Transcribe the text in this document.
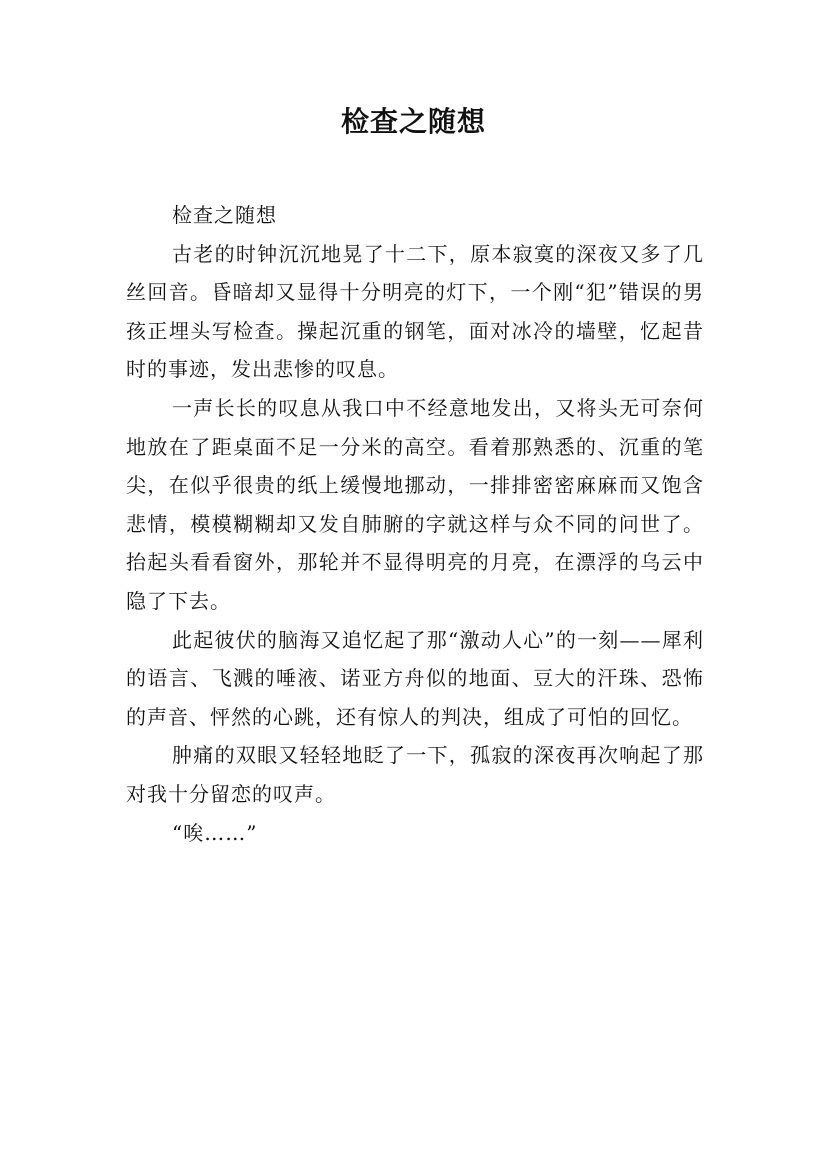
检查之随想

检查之随想

古老的时钟沉沉地晃了十二下，原本寂寞的深夜又多了几丝回音。昏暗却又显得十分明亮的灯下，一个刚“犯”错误的男孩正埋头写检查。操起沉重的钢笔，面对冰冷的墙壁，忆起昔时的事迹，发出悲惨的叹息。

一声长长的叹息从我口中不经意地发出，又将头无可奈何地放在了距桌面不足一分米的高空。看着那熟悉的、沉重的笔尖，在似乎很贵的纸上缓慢地挪动，一排排密密麻麻而又饱含悲情，模模糊糊却又发自肺腑的字就这样与众不同的问世了。抬起头看看窗外，那轮并不显得明亮的月亮，在漂浮的乌云中隐了下去。

此起彼伏的脑海又追忆起了那“激动人心”的一刻——犀利的语言、飞溅的唾液、诺亚方舟似的地面、豆大的汗珠、恐怖的声音、怦然的心跳，还有惊人的判决，组成了可怕的回忆。

肿痛的双眼又轻轻地眨了一下，孤寂的深夜再次响起了那对我十分留恋的叹声。

“唉……”
